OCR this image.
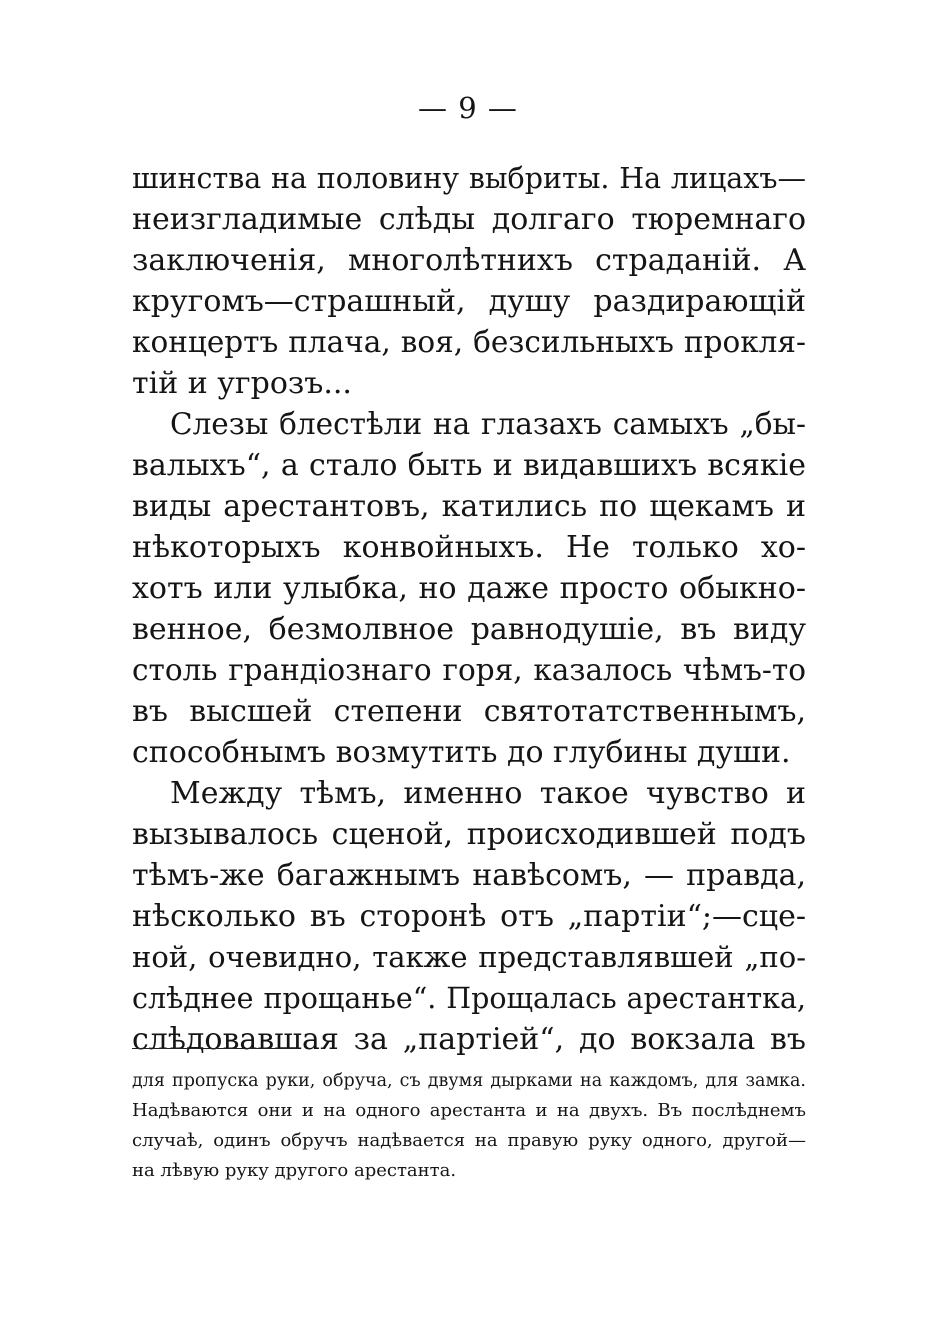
— 9 —
шинства на половину выбриты. На лицахъ—
неизгладимые слѣды долгаго тюремнаго
заключенія, многолѣтнихъ страданій. А
кругомъ—страшный, душу раздирающій
концертъ плача, воя, безсильныхъ прокля-
тій и угрозъ...
Слезы блестѣли на глазахъ самыхъ „бы-
валыхъ“, а стало быть и видавшихъ всякіе
виды арестантовъ, катились по щекамъ и
нѣкоторыхъ конвойныхъ. Не только хо-
хотъ или улыбка, но даже просто обыкно-
венное, безмолвное равнодушіе, въ виду
столь грандіознаго горя, казалось чѣмъ-то
въ высшей степени святотатственнымъ,
способнымъ возмутить до глубины души.
Между тѣмъ, именно такое чувство и
вызывалось сценой, происходившей подъ
тѣмъ-же багажнымъ навѣсомъ, — правда,
нѣсколько въ сторонѣ отъ „партіи“;—сце-
ной, очевидно, также представлявшей „по-
слѣднее прощанье“. Прощалась арестантка,
слѣдовавшая за „партіей“, до вокзала въ
для пропуска руки, обруча, съ двумя дырками на каждомъ, для замка.
Надѣваются они и на одного арестанта и на двухъ. Въ послѣднемъ
случаѣ, одинъ обручъ надѣвается на правую руку одного, другой—
на лѣвую руку другого арестанта.
